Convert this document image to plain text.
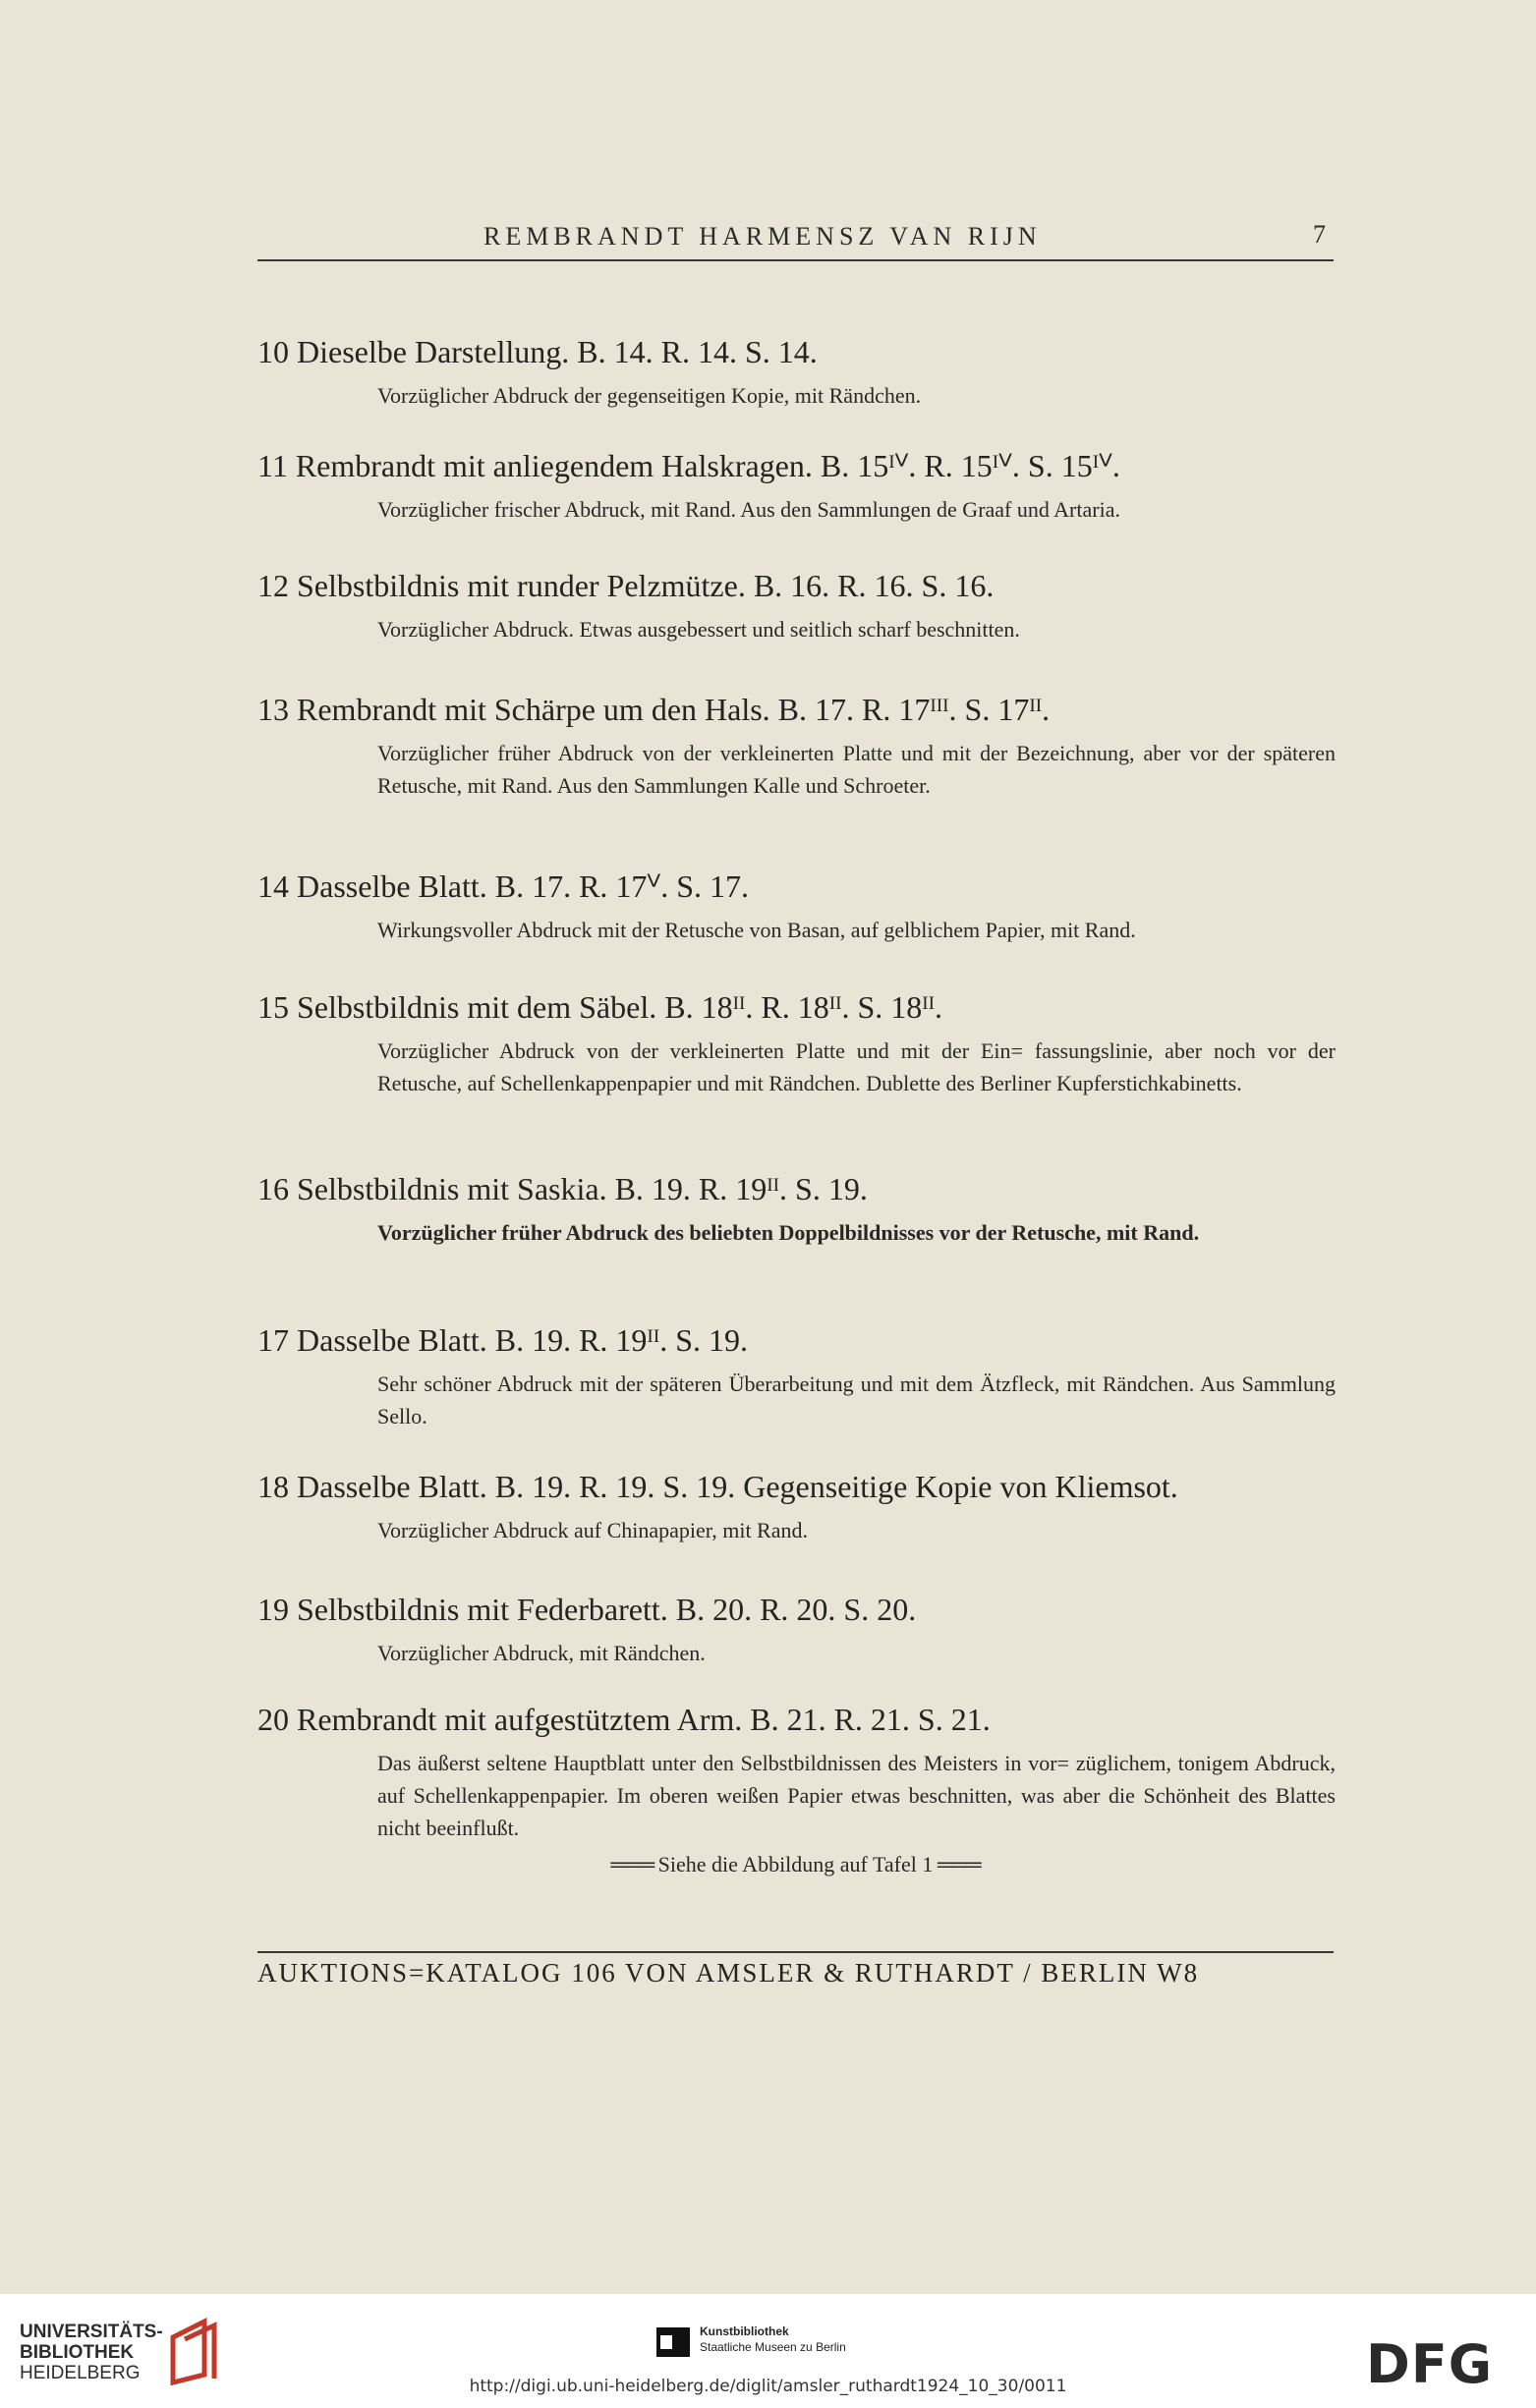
REMBRANDT HARMENSZ VAN RIJN	7

10 Dieselbe Darstellung. B. 14. R. 14. S. 14.

Vorzüglicher Abdruck der gegenseitigen Kopie, mit Rändchen.

11 Rembrandt mit anliegendem Halskragen. B. 15ᴵⱽ. R. 15ᴵⱽ. S. 15ᴵⱽ.

Vorzüglicher frischer Abdruck, mit Rand. Aus den Sammlungen de Graaf und Artaria.

12 Selbstbildnis mit runder Pelzmütze. B. 16. R. 16. S. 16.

Vorzüglicher Abdruck. Etwas ausgebessert und seitlich scharf beschnitten.

13 Rembrandt mit Schärpe um den Hals. B. 17. R. 17ᴵᴵᴵ. S. 17ᴵᴵ.

Vorzüglicher früher Abdruck von der verkleinerten Platte und mit der Bezeichnung, aber vor der späteren Retusche, mit Rand. Aus den Sammlungen Kalle und Schroeter.

14 Dasselbe Blatt. B. 17. R. 17ⱽ. S. 17.

Wirkungsvoller Abdruck mit der Retusche von Basan, auf gelblichem Papier, mit Rand.

15 Selbstbildnis mit dem Säbel. B. 18ᴵᴵ. R. 18ᴵᴵ. S. 18ᴵᴵ.

Vorzüglicher Abdruck von der verkleinerten Platte und mit der Ein= fassungslinie, aber noch vor der Retusche, auf Schellenkappenpapier und mit Rändchen. Dublette des Berliner Kupferstichkabinetts.

16 Selbstbildnis mit Saskia. B. 19. R. 19ᴵᴵ. S. 19.

Vorzüglicher früher Abdruck des beliebten Doppelbildnisses vor der Retusche, mit Rand.

17 Dasselbe Blatt. B. 19. R. 19ᴵᴵ. S. 19.

Sehr schöner Abdruck mit der späteren Überarbeitung und mit dem Ätzfleck, mit Rändchen. Aus Sammlung Sello.

18 Dasselbe Blatt. B. 19. R. 19. S. 19. Gegenseitige Kopie von Kliemsot.

Vorzüglicher Abdruck auf Chinapapier, mit Rand.

19 Selbstbildnis mit Federbarett. B. 20. R. 20. S. 20.

Vorzüglicher Abdruck, mit Rändchen.

20 Rembrandt mit aufgestütztem Arm. B. 21. R. 21. S. 21.

Das äußerst seltene Hauptblatt unter den Selbstbildnissen des Meisters in vor= züglichem, tonigem Abdruck, auf Schellenkappenpapier. Im oberen weißen Papier etwas beschnitten, was aber die Schönheit des Blattes nicht beeinflußt.

═══ Siehe die Abbildung auf Tafel 1 ═══

AUKTIONS=KATALOG 106 VON AMSLER & RUTHARDT / BERLIN W8
UNIVERSITÄTS-
BIBLIOTHEK
HEIDELBERG
Kunstbibliothek
Staatliche Museen zu Berlin	DFG
http://digi.ub.uni-heidelberg.de/diglit/amsler_ruthardt1924_10_30/0011
